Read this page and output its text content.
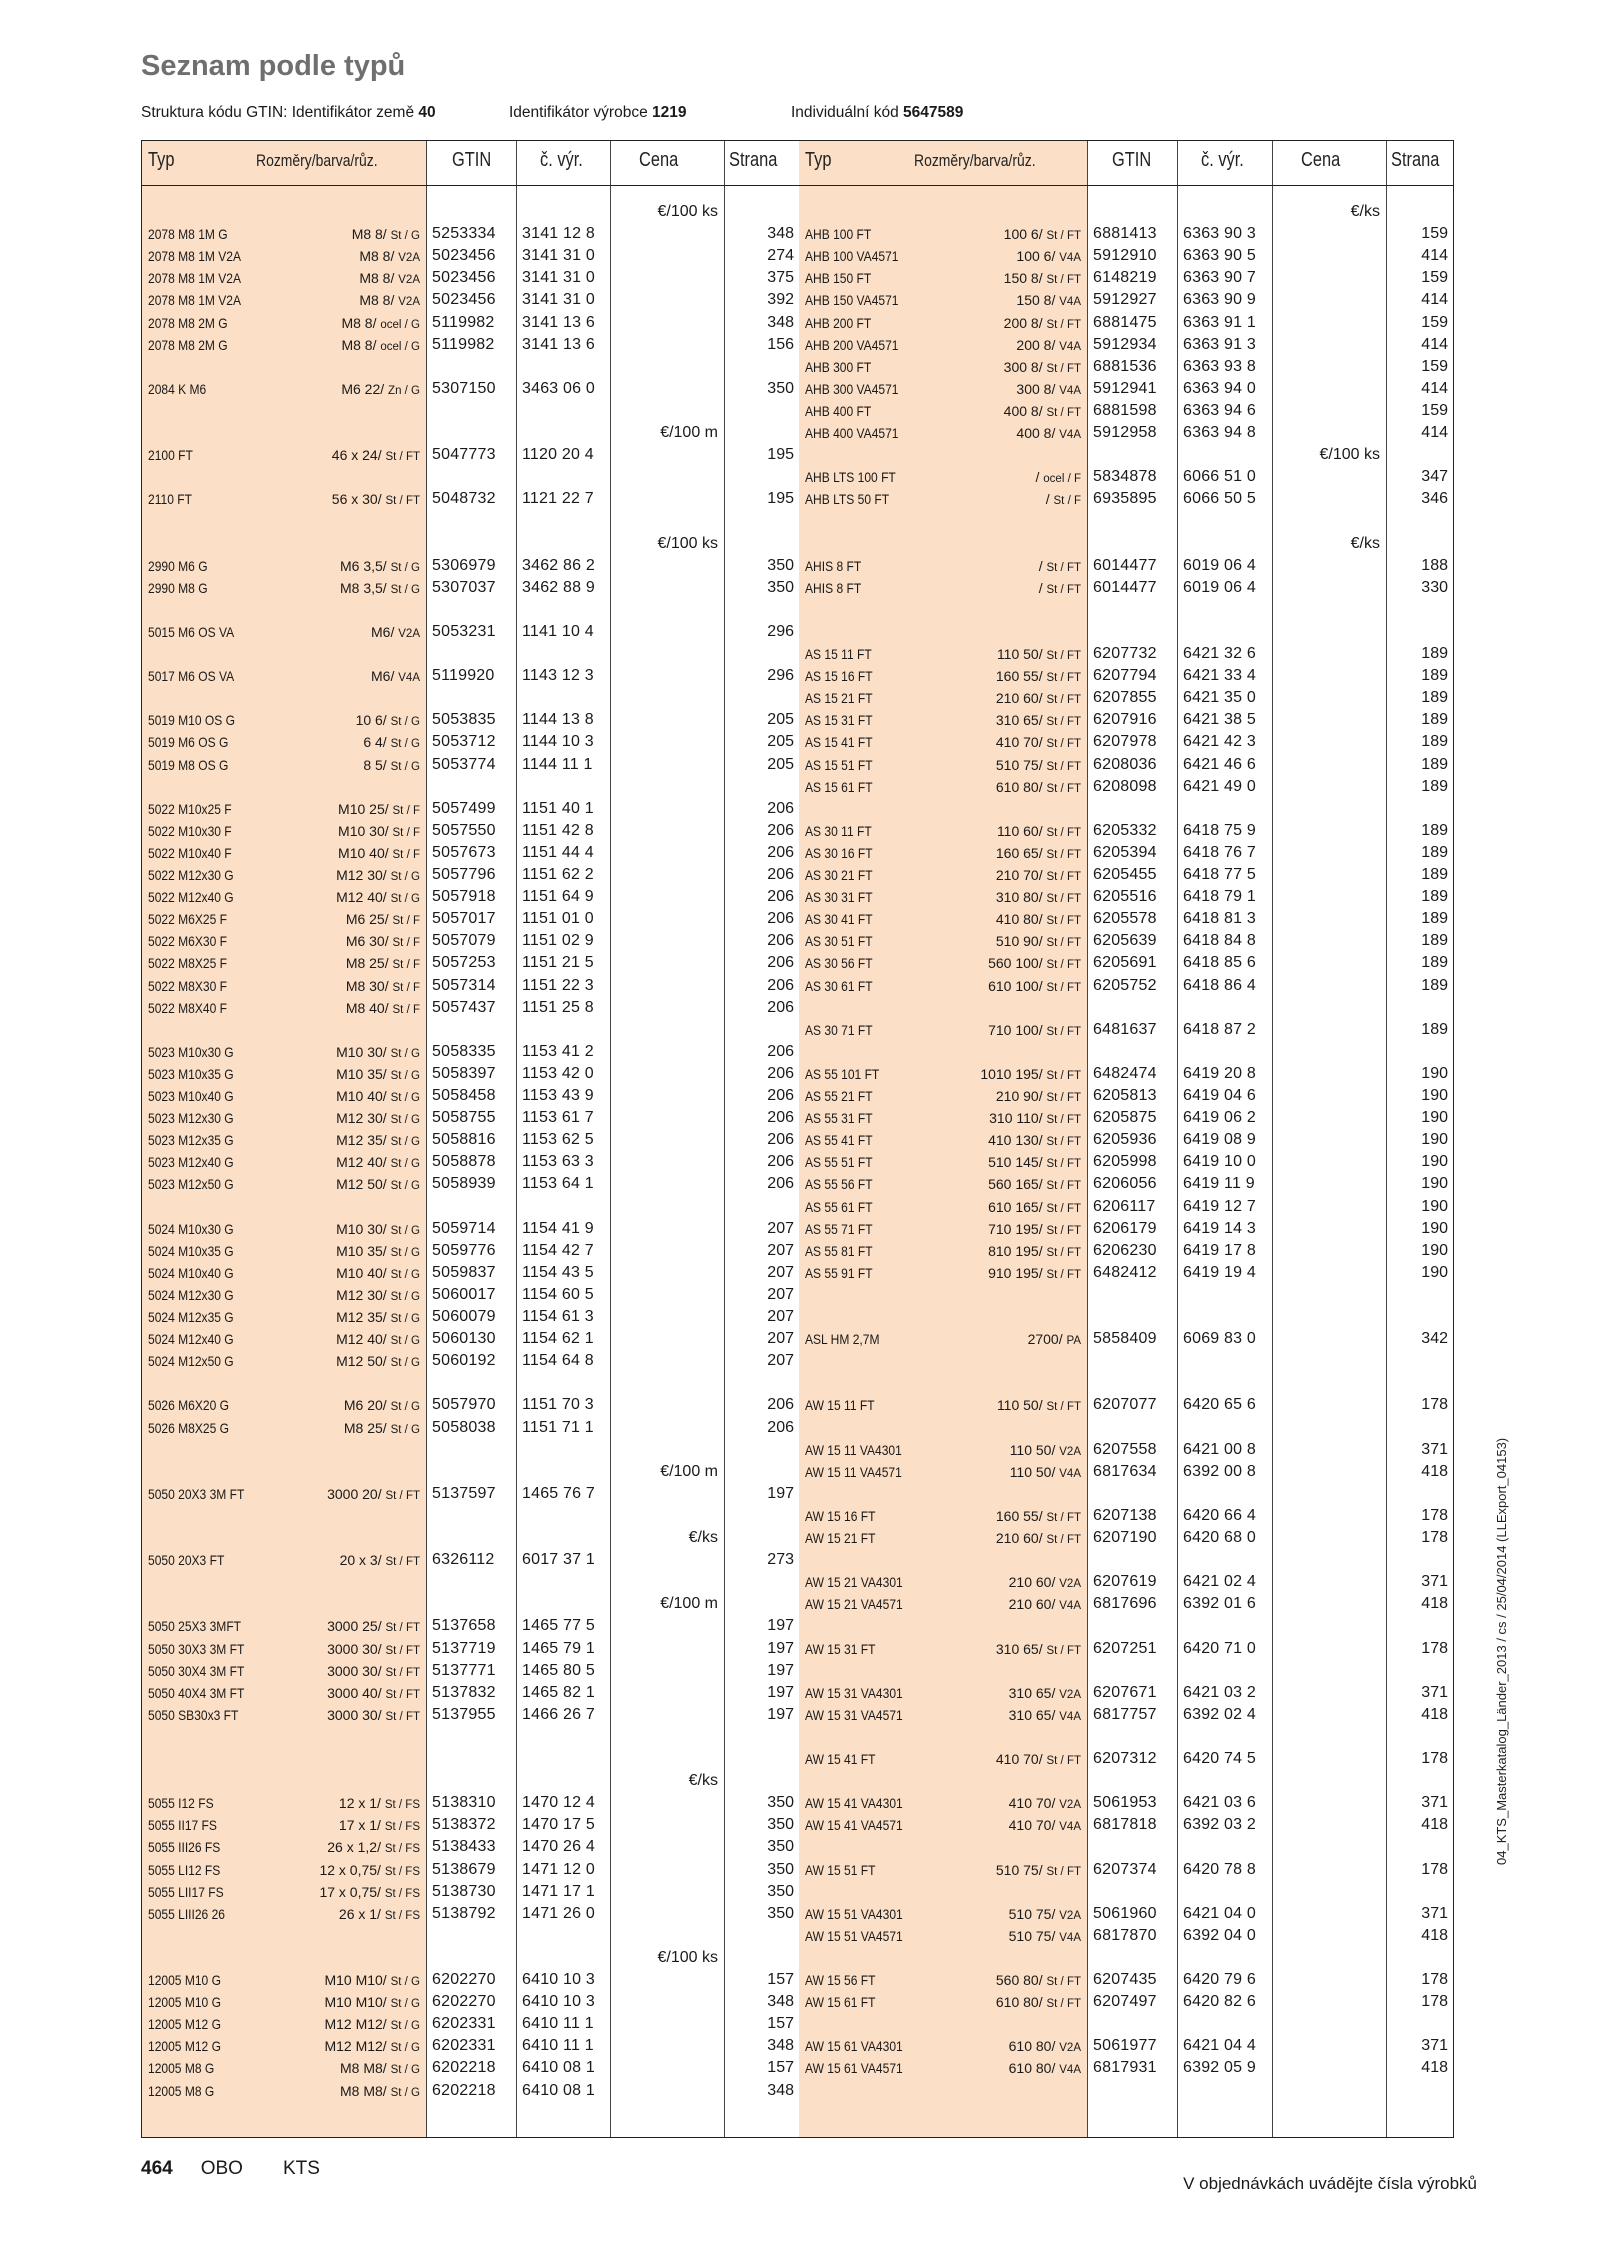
Seznam podle typů
Struktura kódu GTIN: Identifikátor země 40	Identifikátor výrobce 1219	Individuální kód 5647589
Typ	Rozměry/barva/růz.	GTIN č. výr.	Cena	Strana
€/100 ks
€/100 m
€/100 ks
€/100 m
€/ks
€/100 m
€/ks
€/100 ks
2078 M8 1M G	M8 8/ St / G 5253334 3141 12 8	348
2078 M8 1M V2A	M8 8/ V2A 5023456 3141 31 0	274
2078 M8 1M V2A	M8 8/ V2A 5023456 3141 31 0	375
2078 M8 1M V2A	M8 8/ V2A 5023456 3141 31 0	392
2078 M8 2M G	M8 8/ ocel / G 5119982 3141 13 6	348
2078 M8 2M G	M8 8/ ocel / G 5119982 3141 13 6	156
2084 K M6	M6 22/ Zn / G 5307150 3463 06 0	350
2100 FT	46 x 24/ St / FT 5047773 1120 20 4	195
2110 FT	56 x 30/ St / FT 5048732 1121 22 7	195
2990 M6 G	M6 3,5/ St / G 5306979 3462 86 2	350
2990 M8 G	M8 3,5/ St / G 5307037 3462 88 9	350
5015 M6 OS VA	M6/ V2A 5053231 1141 10 4	296
5017 M6 OS VA	M6/ V4A 5119920 1143 12 3	296
5019 M10 OS G	10 6/ St / G 5053835 1144 13 8	205
5019 M6 OS G	6 4/ St / G 5053712 1144 10 3	205
5019 M8 OS G	8 5/ St / G 5053774 1144 11 1	205
5022 M10x25 F	M10 25/ St / F 5057499 1151 40 1	206
5022 M10x30 F	M10 30/ St / F 5057550 1151 42 8	206
5022 M10x40 F	M10 40/ St / F 5057673 1151 44 4	206
5022 M12x30 G	M12 30/ St / G 5057796 1151 62 2	206
5022 M12x40 G	M12 40/ St / G 5057918 1151 64 9	206
5022 M6X25 F	M6 25/ St / F 5057017 1151 01 0	206
5022 M6X30 F	M6 30/ St / F 5057079 1151 02 9	206
5022 M8X25 F	M8 25/ St / F 5057253 1151 21 5	206
5022 M8X30 F	M8 30/ St / F 5057314 1151 22 3	206
5022 M8X40 F	M8 40/ St / F 5057437 1151 25 8	206
5023 M10x30 G	M10 30/ St / G 5058335 1153 41 2	206
5023 M10x35 G	M10 35/ St / G 5058397 1153 42 0	206
5023 M10x40 G	M10 40/ St / G 5058458 1153 43 9	206
5023 M12x30 G	M12 30/ St / G 5058755 1153 61 7	206
5023 M12x35 G	M12 35/ St / G 5058816 1153 62 5	206
5023 M12x40 G	M12 40/ St / G 5058878 1153 63 3	206
5023 M12x50 G	M12 50/ St / G 5058939 1153 64 1	206
5024 M10x30 G	M10 30/ St / G 5059714 1154 41 9	207
5024 M10x35 G	M10 35/ St / G 5059776 1154 42 7	207
5024 M10x40 G	M10 40/ St / G 5059837 1154 43 5	207
5024 M12x30 G	M12 30/ St / G 5060017 1154 60 5	207
5024 M12x35 G	M12 35/ St / G 5060079 1154 61 3	207
5024 M12x40 G	M12 40/ St / G 5060130 1154 62 1	207
5024 M12x50 G	M12 50/ St / G 5060192 1154 64 8	207
5026 M6X20 G	M6 20/ St / G 5057970 1151 70 3	206
5026 M8X25 G	M8 25/ St / G 5058038 1151 71 1	206
5050 20X3 3M FT	3000 20/ St / FT 5137597 1465 76 7	197
5050 20X3 FT	20 x 3/ St / FT 6326112 6017 37 1	273
5050 25X3 3MFT	3000 25/ St / FT 5137658 1465 77 5	197
5050 30X3 3M FT	3000 30/ St / FT 5137719 1465 79 1	197
5050 30X4 3M FT	3000 30/ St / FT 5137771 1465 80 5	197
5050 40X4 3M FT	3000 40/ St / FT 5137832 1465 82 1	197
5050 SB30x3 FT	3000 30/ St / FT 5137955 1466 26 7	197
5055 I12 FS	12 x 1/ St / FS 5138310 1470 12 4	350
5055 II17 FS	17 x 1/ St / FS 5138372 1470 17 5	350
5055 III26 FS	26 x 1,2/ St / FS 5138433 1470 26 4	350
5055 LI12 FS	12 x 0,75/ St / FS 5138679 1471 12 0	350
5055 LII17 FS	17 x 0,75/ St / FS 5138730 1471 17 1	350
5055 LIII26 26	26 x 1/ St / FS 5138792 1471 26 0	350
12005 M10 G	M10 M10/ St / G 6202270 6410 10 3	157
12005 M10 G	M10 M10/ St / G 6202270 6410 10 3	348
12005 M12 G	M12 M12/ St / G 6202331 6410 11 1	157
12005 M12 G	M12 M12/ St / G 6202331 6410 11 1	348
12005 M8 G	M8 M8/ St / G 6202218 6410 08 1	157
12005 M8 G	M8 M8/ St / G 6202218 6410 08 1	348
Typ	Rozměry/barva/růz.	GTIN č. výr.	Cena	Strana
€/ks
€/100 ks
€/ks
AHB 100 FT	100 6/ St / FT 6881413 6363 90 3	159
AHB 100 VA4571	100 6/ V4A 5912910 6363 90 5	414
AHB 150 FT	150 8/ St / FT 6148219 6363 90 7	159
AHB 150 VA4571	150 8/ V4A 5912927 6363 90 9	414
AHB 200 FT	200 8/ St / FT 6881475 6363 91 1	159
AHB 200 VA4571	200 8/ V4A 5912934 6363 91 3	414
AHB 300 FT	300 8/ St / FT 6881536 6363 93 8	159
AHB 300 VA4571	300 8/ V4A 5912941 6363 94 0	414
AHB 400 FT	400 8/ St / FT 6881598 6363 94 6	159
AHB 400 VA4571	400 8/ V4A 5912958 6363 94 8	414
AHB LTS 100 FT	/ ocel / F 5834878 6066 51 0	347
AHB LTS 50 FT	/ St / F 6935895 6066 50 5	346
AHIS 8 FT	/ St / FT 6014477 6019 06 4	188
AHIS 8 FT	/ St / FT 6014477 6019 06 4	330
AS 15 11 FT	110 50/ St / FT 6207732 6421 32 6	189
AS 15 16 FT	160 55/ St / FT 6207794 6421 33 4	189
AS 15 21 FT	210 60/ St / FT 6207855 6421 35 0	189
AS 15 31 FT	310 65/ St / FT 6207916 6421 38 5	189
AS 15 41 FT	410 70/ St / FT 6207978 6421 42 3	189
AS 15 51 FT	510 75/ St / FT 6208036 6421 46 6	189
AS 15 61 FT	610 80/ St / FT 6208098 6421 49 0	189
AS 30 11 FT	110 60/ St / FT 6205332 6418 75 9	189
AS 30 16 FT	160 65/ St / FT 6205394 6418 76 7	189
AS 30 21 FT	210 70/ St / FT 6205455 6418 77 5	189
AS 30 31 FT	310 80/ St / FT 6205516 6418 79 1	189
AS 30 41 FT	410 80/ St / FT 6205578 6418 81 3	189
AS 30 51 FT	510 90/ St / FT 6205639 6418 84 8	189
AS 30 56 FT	560 100/ St / FT 6205691 6418 85 6	189
AS 30 61 FT	610 100/ St / FT 6205752 6418 86 4	189
AS 30 71 FT	710 100/ St / FT 6481637 6418 87 2	189
AS 55 101 FT	1010 195/ St / FT 6482474 6419 20 8	190
AS 55 21 FT	210 90/ St / FT 6205813 6419 04 6	190
AS 55 31 FT	310 110/ St / FT 6205875 6419 06 2	190
AS 55 41 FT	410 130/ St / FT 6205936 6419 08 9	190
AS 55 51 FT	510 145/ St / FT 6205998 6419 10 0	190
AS 55 56 FT	560 165/ St / FT 6206056 6419 11 9	190
AS 55 61 FT	610 165/ St / FT 6206117 6419 12 7	190
AS 55 71 FT	710 195/ St / FT 6206179 6419 14 3	190
AS 55 81 FT	810 195/ St / FT 6206230 6419 17 8	190
AS 55 91 FT	910 195/ St / FT 6482412 6419 19 4	190
ASL HM 2,7M	2700/ PA 5858409 6069 83 0	342
AW 15 11 FT	110 50/ St / FT 6207077 6420 65 6	178
AW 15 11 VA4301	110 50/ V2A 6207558 6421 00 8	371
AW 15 11 VA4571	110 50/ V4A 6817634 6392 00 8	418
AW 15 16 FT	160 55/ St / FT 6207138 6420 66 4	178
AW 15 21 FT	210 60/ St / FT 6207190 6420 68 0	178
AW 15 21 VA4301	210 60/ V2A 6207619 6421 02 4	371
AW 15 21 VA4571	210 60/ V4A 6817696 6392 01 6	418
AW 15 31 FT	310 65/ St / FT 6207251 6420 71 0	178
AW 15 31 VA4301	310 65/ V2A 6207671 6421 03 2	371
AW 15 31 VA4571	310 65/ V4A 6817757 6392 02 4	418
AW 15 41 FT	410 70/ St / FT 6207312 6420 74 5	178
AW 15 41 VA4301	410 70/ V2A 5061953 6421 03 6	371
AW 15 41 VA4571	410 70/ V4A 6817818 6392 03 2	418
AW 15 51 FT	510 75/ St / FT 6207374 6420 78 8	178
AW 15 51 VA4301	510 75/ V2A 5061960 6421 04 0	371
AW 15 51 VA4571	510 75/ V4A 6817870 6392 04 0	418
AW 15 56 FT	560 80/ St / FT 6207435 6420 79 6	178
AW 15 61 FT	610 80/ St / FT 6207497 6420 82 6	178
AW 15 61 VA4301	610 80/ V2A 5061977 6421 04 4	371
AW 15 61 VA4571	610 80/ V4A 6817931 6392 05 9	418
464 OBO KTS
V objednávkách uvádějte čísla výrobků
04_KTS_Masterkatalog_Länder_2013 / cs / 25/04/2014 (LLExport_04153)
